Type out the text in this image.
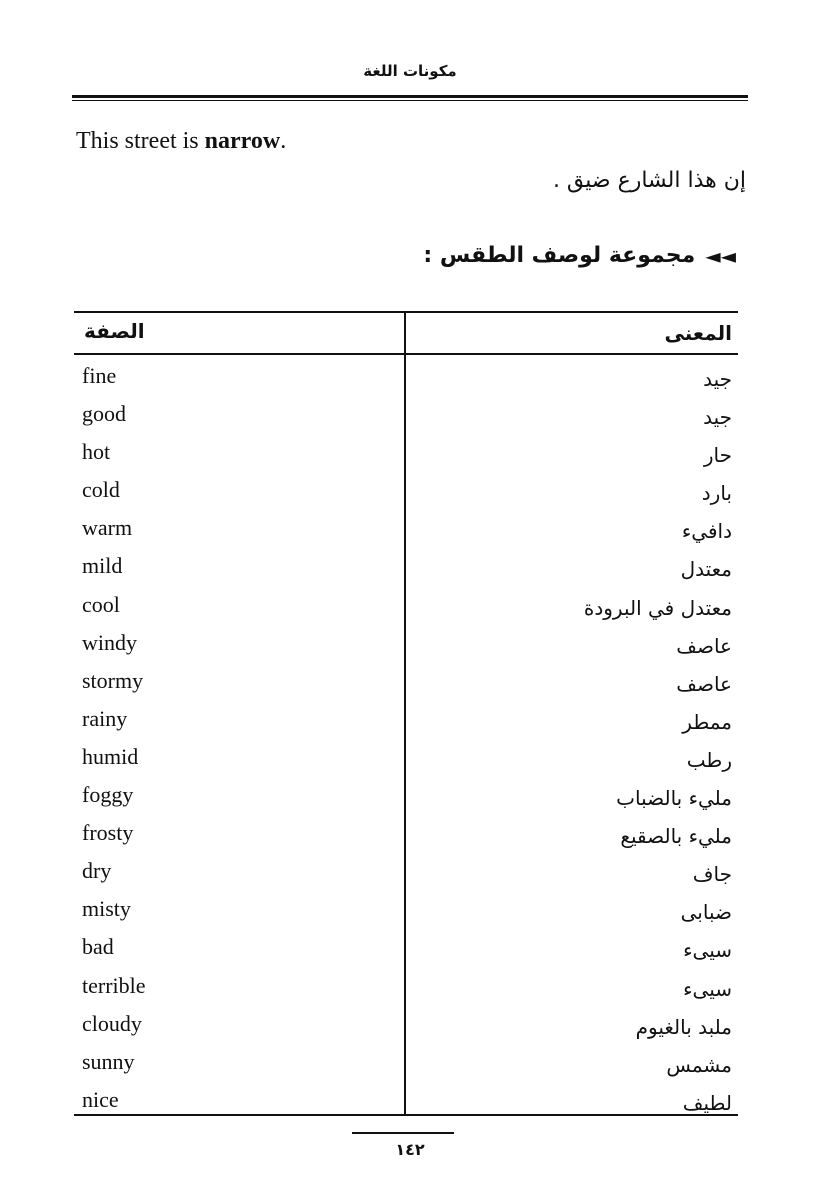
مكونات اللغة
This street is narrow.
إن هذا الشارع ضيق .
◄◄
مجموعة لوصف الطقس :
الصفة	المعنى
fine	جيد
good	جيد
hot	حار
cold	بارد
warm	دافيء
mild	معتدل
cool	معتدل في البرودة
windy	عاصف
stormy	عاصف
rainy	ممطر
humid	رطب
foggy	مليء بالضباب
frosty	مليء بالصقيع
dry	جاف
misty	ضبابى
bad	سيىء
terrible	سيىء
cloudy	ملبد بالغيوم
sunny	مشمس
nice	لطيف
١٤٢
